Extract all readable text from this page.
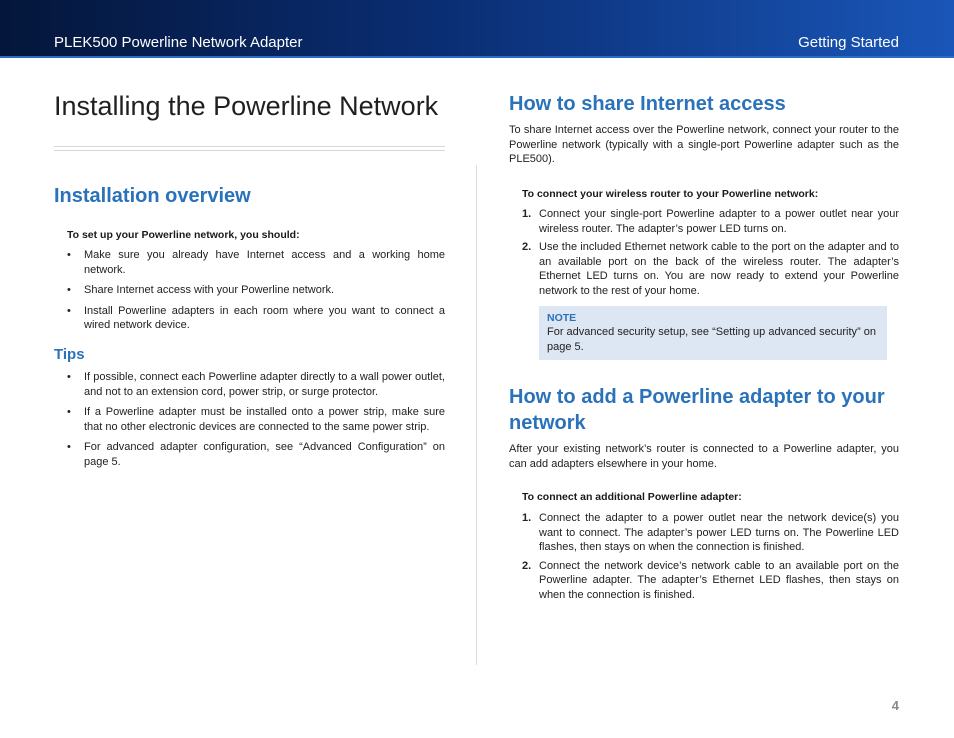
PLEK500 Powerline Network Adapter	Getting Started
Installing the Powerline Network
Installation overview

To set up your Powerline network, you should:

• Make sure you already have Internet access and a working home network.
• Share Internet access with your Powerline network.
• Install Powerline adapters in each room where you want to connect a wired network device.
Tips
• If possible, connect each Powerline adapter directly to a wall power outlet, and not to an extension cord, power strip, or surge protector.
• If a Powerline adapter must be installed onto a power strip, make sure that no other electronic devices are connected to the same power strip.
• For advanced adapter configuration, see “Advanced Configuration” on page 5.
How to share Internet access

To share Internet access over the Powerline network, connect your router to the Powerline network (typically with a single-port Powerline adapter such as the PLE500).

To connect your wireless router to your Powerline network:

1. Connect your single-port Powerline adapter to a power outlet near your wireless router. The adapter’s power LED turns on.
2. Use the included Ethernet network cable to the port on the adapter and to an available port on the back of the wireless router. The adapter’s Ethernet LED turns on. You are now ready to extend your Powerline network to the rest of your home.
NOTE
For advanced security setup, see “Setting up advanced security” on page 5.
How to add a Powerline adapter to your network

After your existing network’s router is connected to a Powerline adapter, you can add adapters elsewhere in your home.

To connect an additional Powerline adapter:

1. Connect the adapter to a power outlet near the network device(s) you want to connect. The adapter’s power LED turns on. The Powerline LED flashes, then stays on when the connection is finished.
2. Connect the network device’s network cable to an available port on the Powerline adapter. The adapter’s Ethernet LED flashes, then stays on when the connection is finished.
4
